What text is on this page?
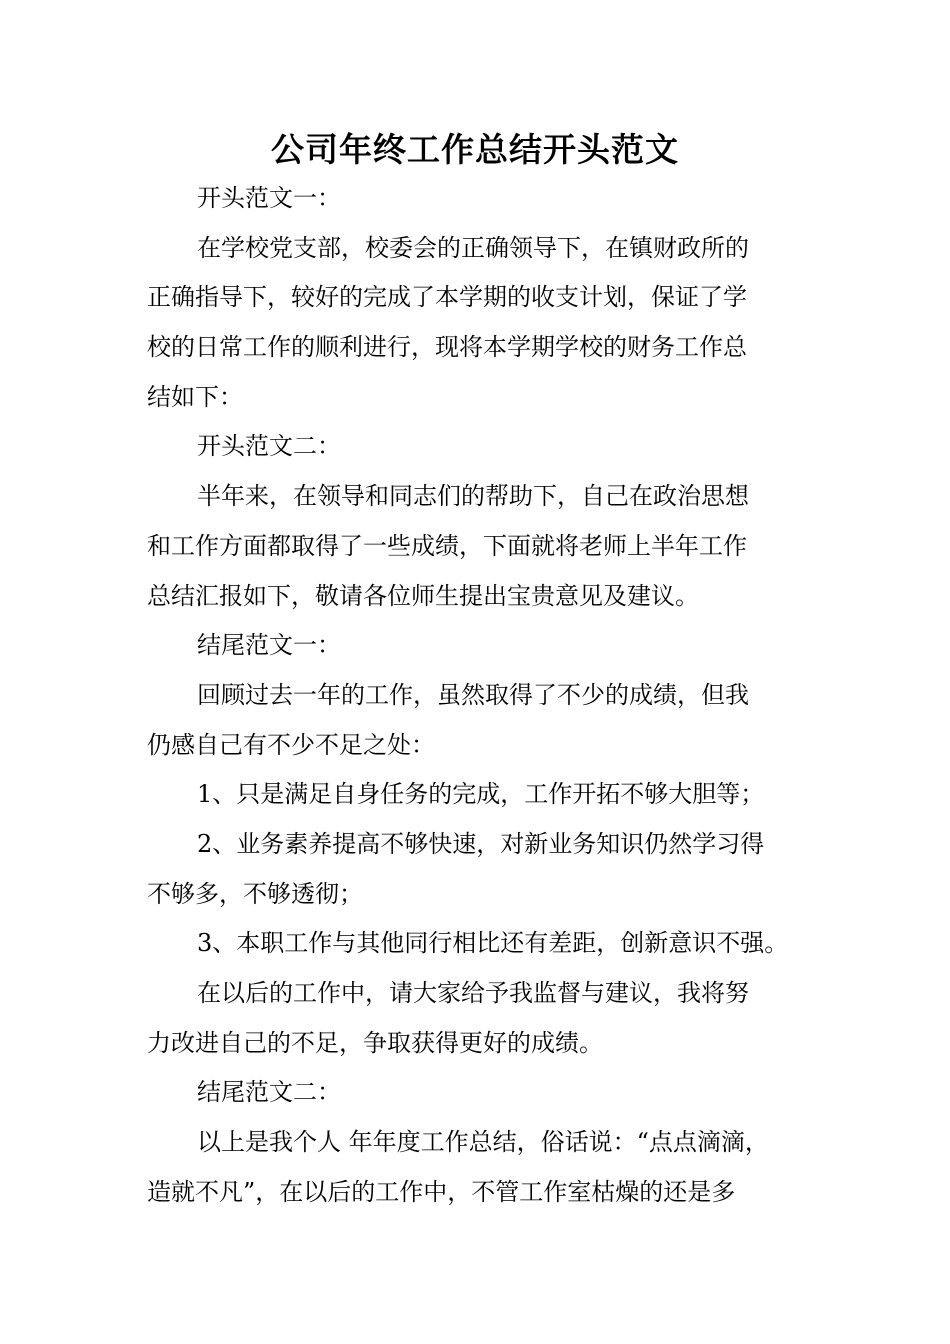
公司年终工作总结开头范文
开头范文一：
在学校党支部，校委会的正确领导下，在镇财政所的
正确指导下，较好的完成了本学期的收支计划，保证了学
校的日常工作的顺利进行，现将本学期学校的财务工作总
结如下：
开头范文二：
半年来，在领导和同志们的帮助下，自己在政治思想
和工作方面都取得了一些成绩，下面就将老师上半年工作
总结汇报如下，敬请各位师生提出宝贵意见及建议。
结尾范文一：
回顾过去一年的工作，虽然取得了不少的成绩，但我
仍感自己有不少不足之处：
1、只是满足自身任务的完成，工作开拓不够大胆等；
2、业务素养提高不够快速，对新业务知识仍然学习得
不够多，不够透彻；
3、本职工作与其他同行相比还有差距，创新意识不强。
在以后的工作中，请大家给予我监督与建议，我将努
力改进自己的不足，争取获得更好的成绩。
结尾范文二：
以上是我个人 年年度工作总结，俗话说：“点点滴滴，
造就不凡”，在以后的工作中，不管工作室枯燥的还是多
